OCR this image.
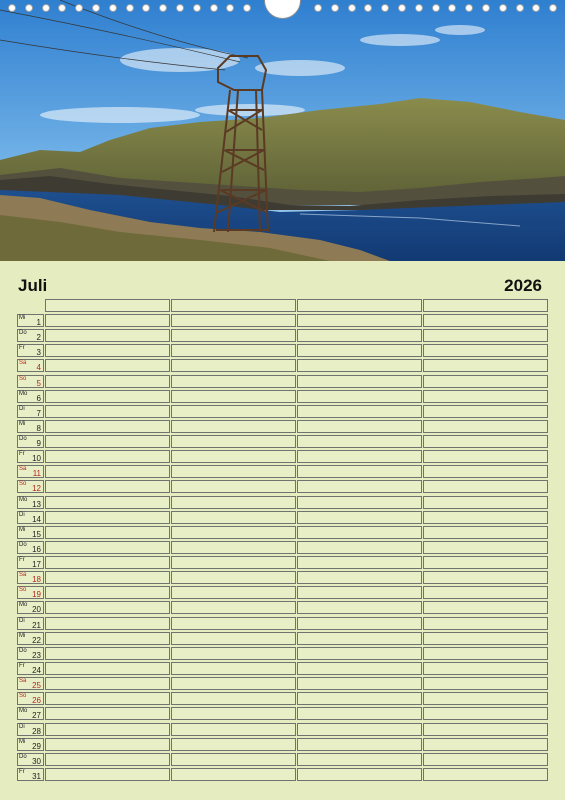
Juli	2026
Mi 1
Do 2
Fr 3
Sa 4
So 5
Mo 6
Di 7
Mi 8
Do 9
Fr 10
Sa 11
So 12
Mo 13
Di 14
Mi 15
Do 16
Fr 17
Sa 18
So 19
Mo 20
Di 21
Mi 22
Do 23
Fr 24
Sa 25
So 26
Mo 27
Di 28
Mi 29
Do 30
Fr 31
